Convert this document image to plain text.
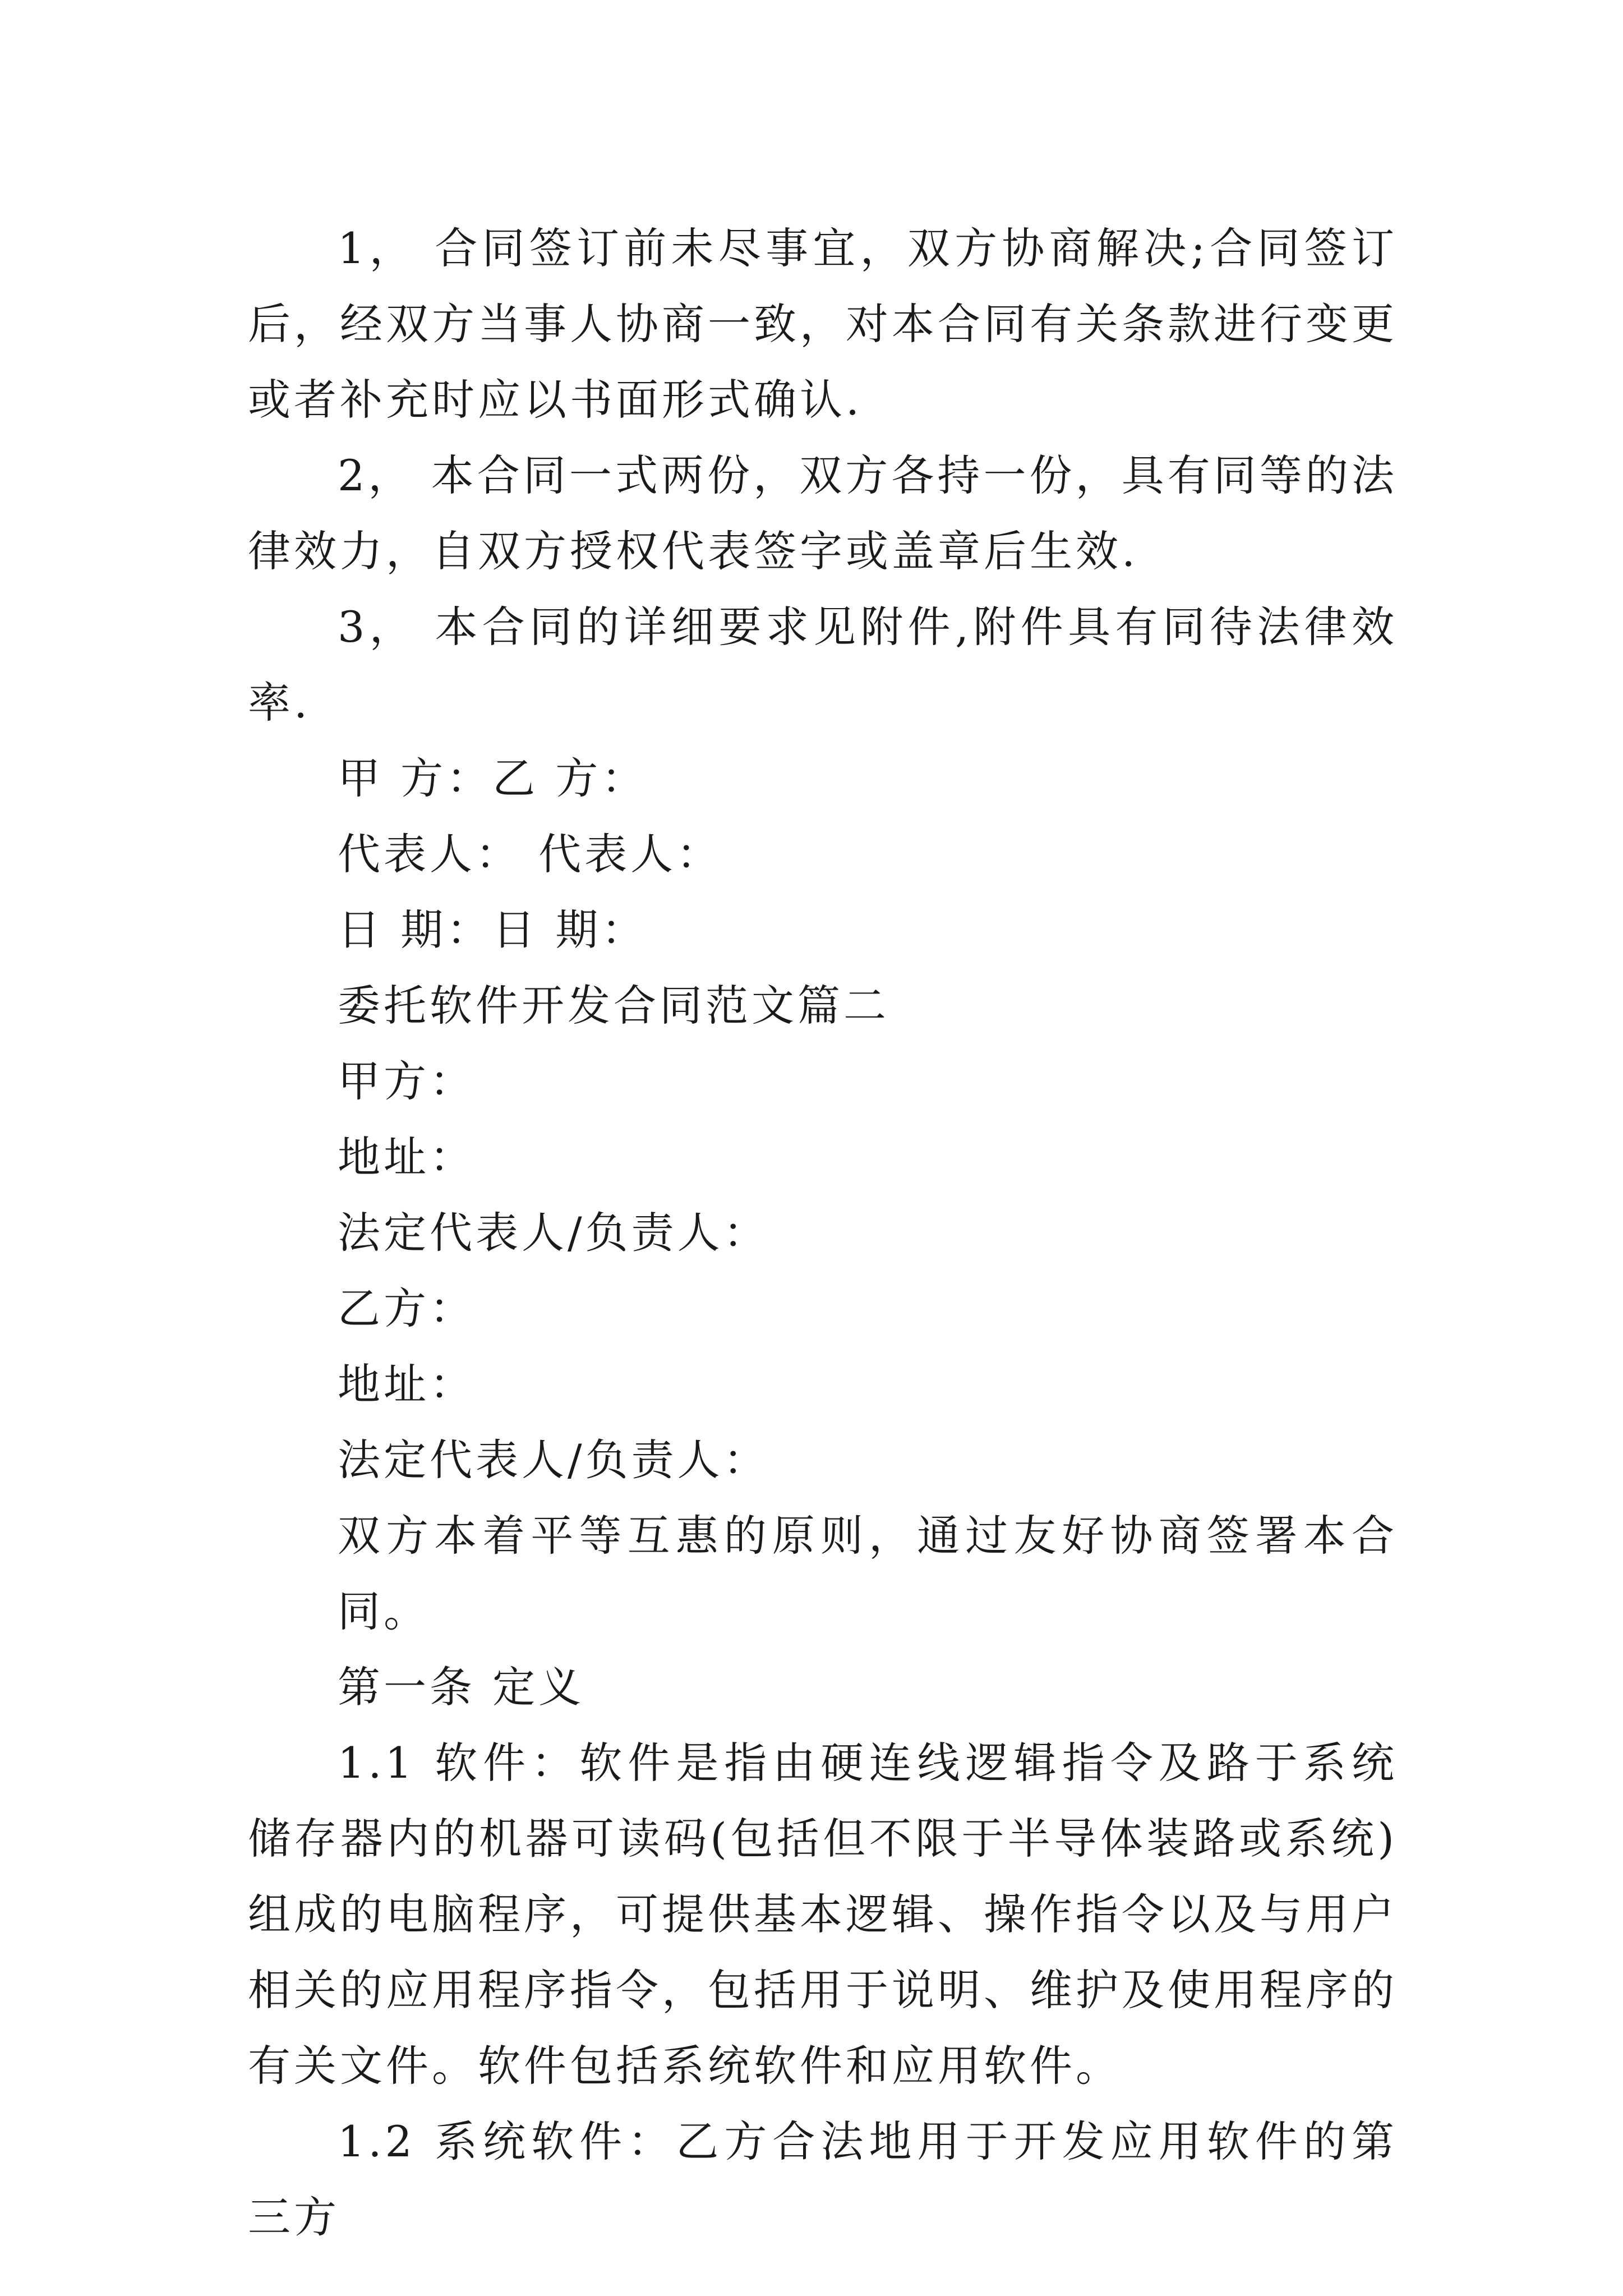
1， 合同签订前未尽事宜，双方协商解决;合同签订后，经双方当事人协商一致，对本合同有关条款进行变更或者补充时应以书面形式确认.

2， 本合同一式两份，双方各持一份，具有同等的法律效力，自双方授权代表签字或盖章后生效.

3， 本合同的详细要求见附件,附件具有同待法律效率.

甲 方：乙 方：

代表人： 代表人：

日 期：日 期：

委托软件开发合同范文篇二

甲方：

地址：

法定代表人/负责人：

乙方：

地址：

法定代表人/负责人：

双方本着平等互惠的原则，通过友好协商签署本合同。

第一条 定义

1.1 软件：软件是指由硬连线逻辑指令及路于系统储存器内的机器可读码(包括但不限于半导体装路或系统)组成的电脑程序，可提供基本逻辑、操作指令以及与用户相关的应用程序指令，包括用于说明、维护及使用程序的有关文件。软件包括系统软件和应用软件。

1.2 系统软件：乙方合法地用于开发应用软件的第三方
